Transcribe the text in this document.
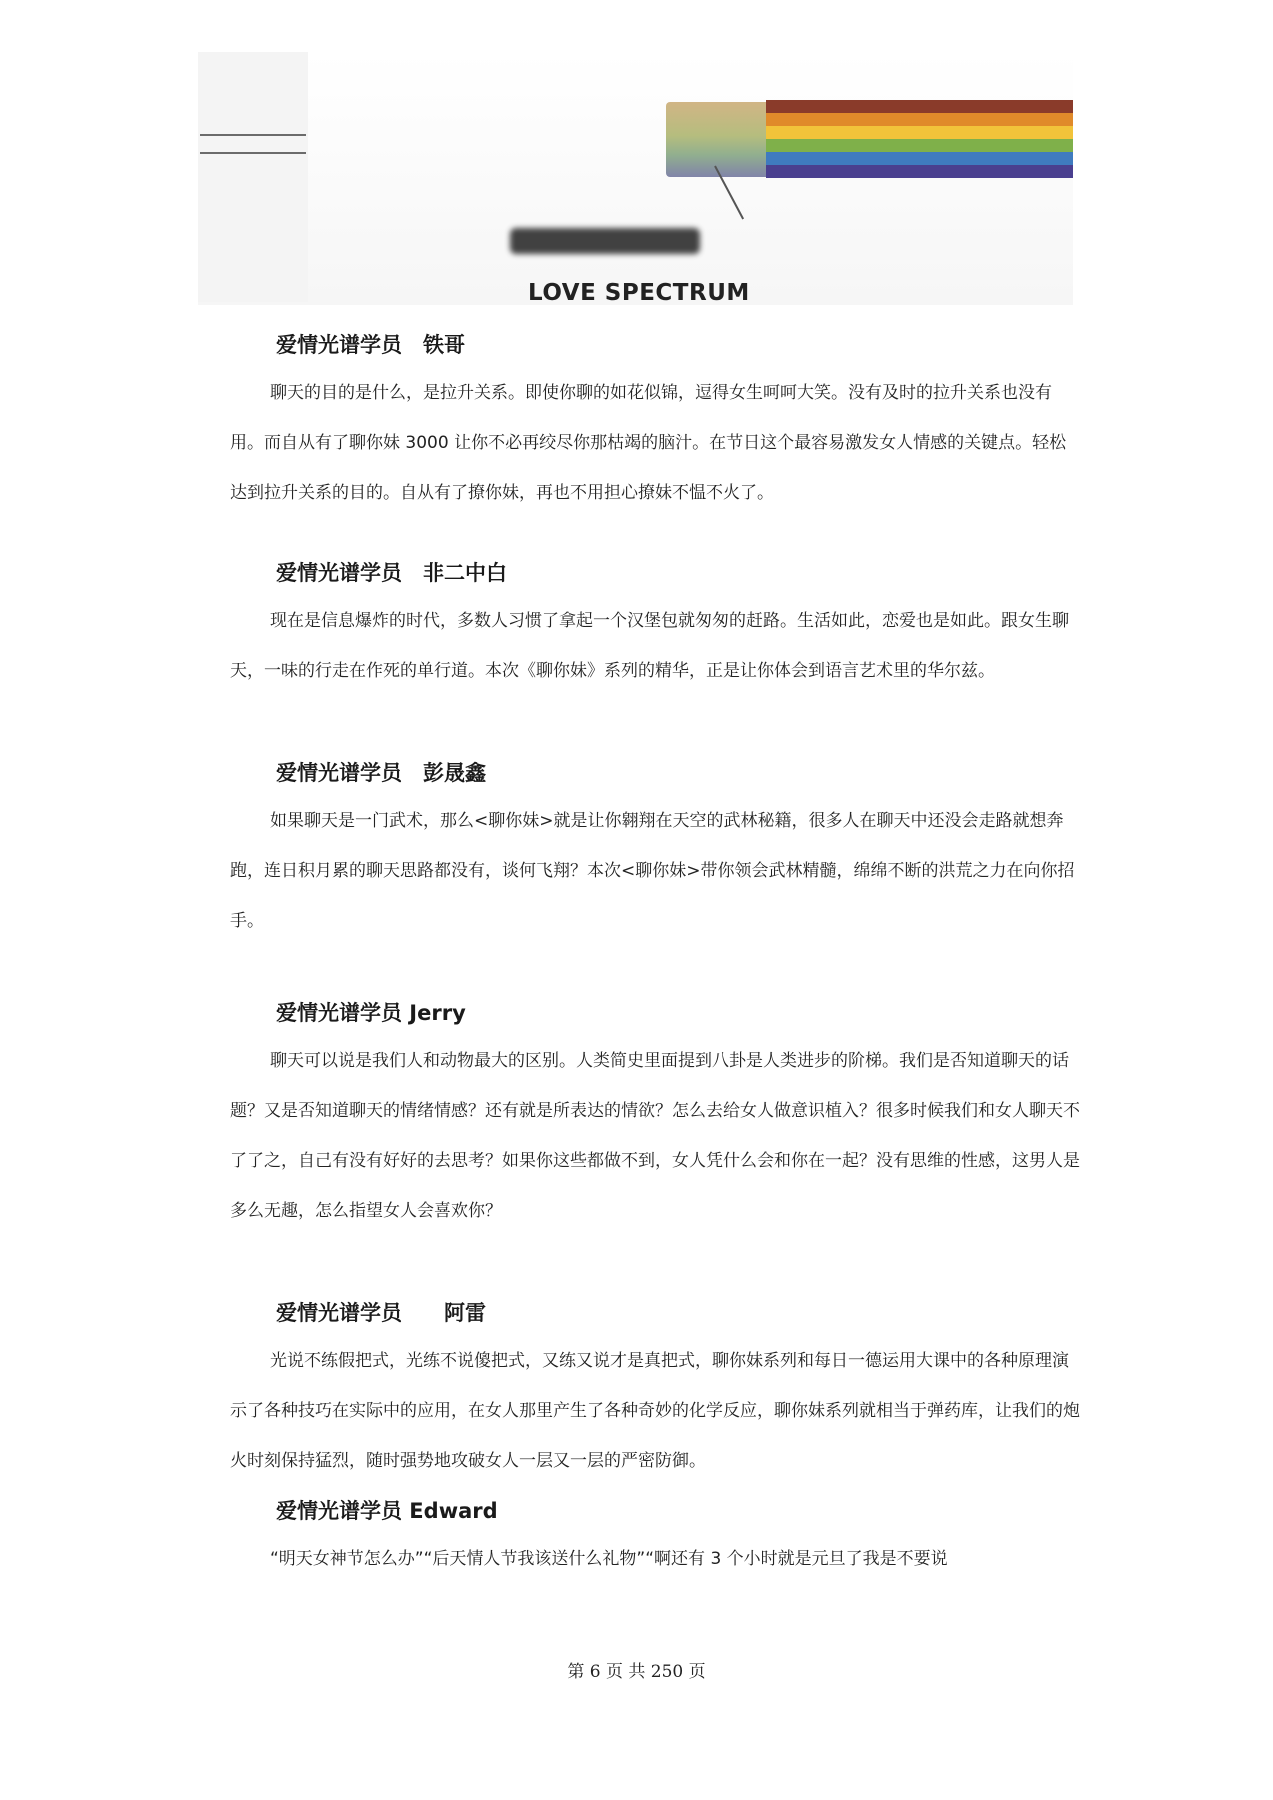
LOVE SPECTRUM
爱情光谱学员　铁哥

聊天的目的是什么，是拉升关系。即使你聊的如花似锦，逗得女生呵呵大笑。没有及时的拉升关系也没有用。而自从有了聊你妹 3000 让你不必再绞尽你那枯竭的脑汁。在节日这个最容易激发女人情感的关键点。轻松达到拉升关系的目的。自从有了撩你妹，再也不用担心撩妹不愠不火了。

爱情光谱学员　非二中白

现在是信息爆炸的时代，多数人习惯了拿起一个汉堡包就匆匆的赶路。生活如此，恋爱也是如此。跟女生聊天，一味的行走在作死的单行道。本次《聊你妹》系列的精华，正是让你体会到语言艺术里的华尔兹。

爱情光谱学员　彭晟鑫

如果聊天是一门武术，那么<聊你妹>就是让你翱翔在天空的武林秘籍，很多人在聊天中还没会走路就想奔跑，连日积月累的聊天思路都没有，谈何飞翔？本次<聊你妹>带你领会武林精髓，绵绵不断的洪荒之力在向你招手。

爱情光谱学员 Jerry

聊天可以说是我们人和动物最大的区别。人类简史里面提到八卦是人类进步的阶梯。我们是否知道聊天的话题？又是否知道聊天的情绪情感？还有就是所表达的情欲？怎么去给女人做意识植入？很多时候我们和女人聊天不了了之，自己有没有好好的去思考？如果你这些都做不到，女人凭什么会和你在一起？没有思维的性感，这男人是多么无趣，怎么指望女人会喜欢你？

爱情光谱学员　　阿雷

光说不练假把式，光练不说傻把式，又练又说才是真把式，聊你妹系列和每日一德运用大课中的各种原理演示了各种技巧在实际中的应用，在女人那里产生了各种奇妙的化学反应，聊你妹系列就相当于弹药库，让我们的炮火时刻保持猛烈，随时强势地攻破女人一层又一层的严密防御。

爱情光谱学员 Edward

“明天女神节怎么办”“后天情人节我该送什么礼物”“啊还有 3 个小时就是元旦了我是不要说

第 6 页 共 250 页
